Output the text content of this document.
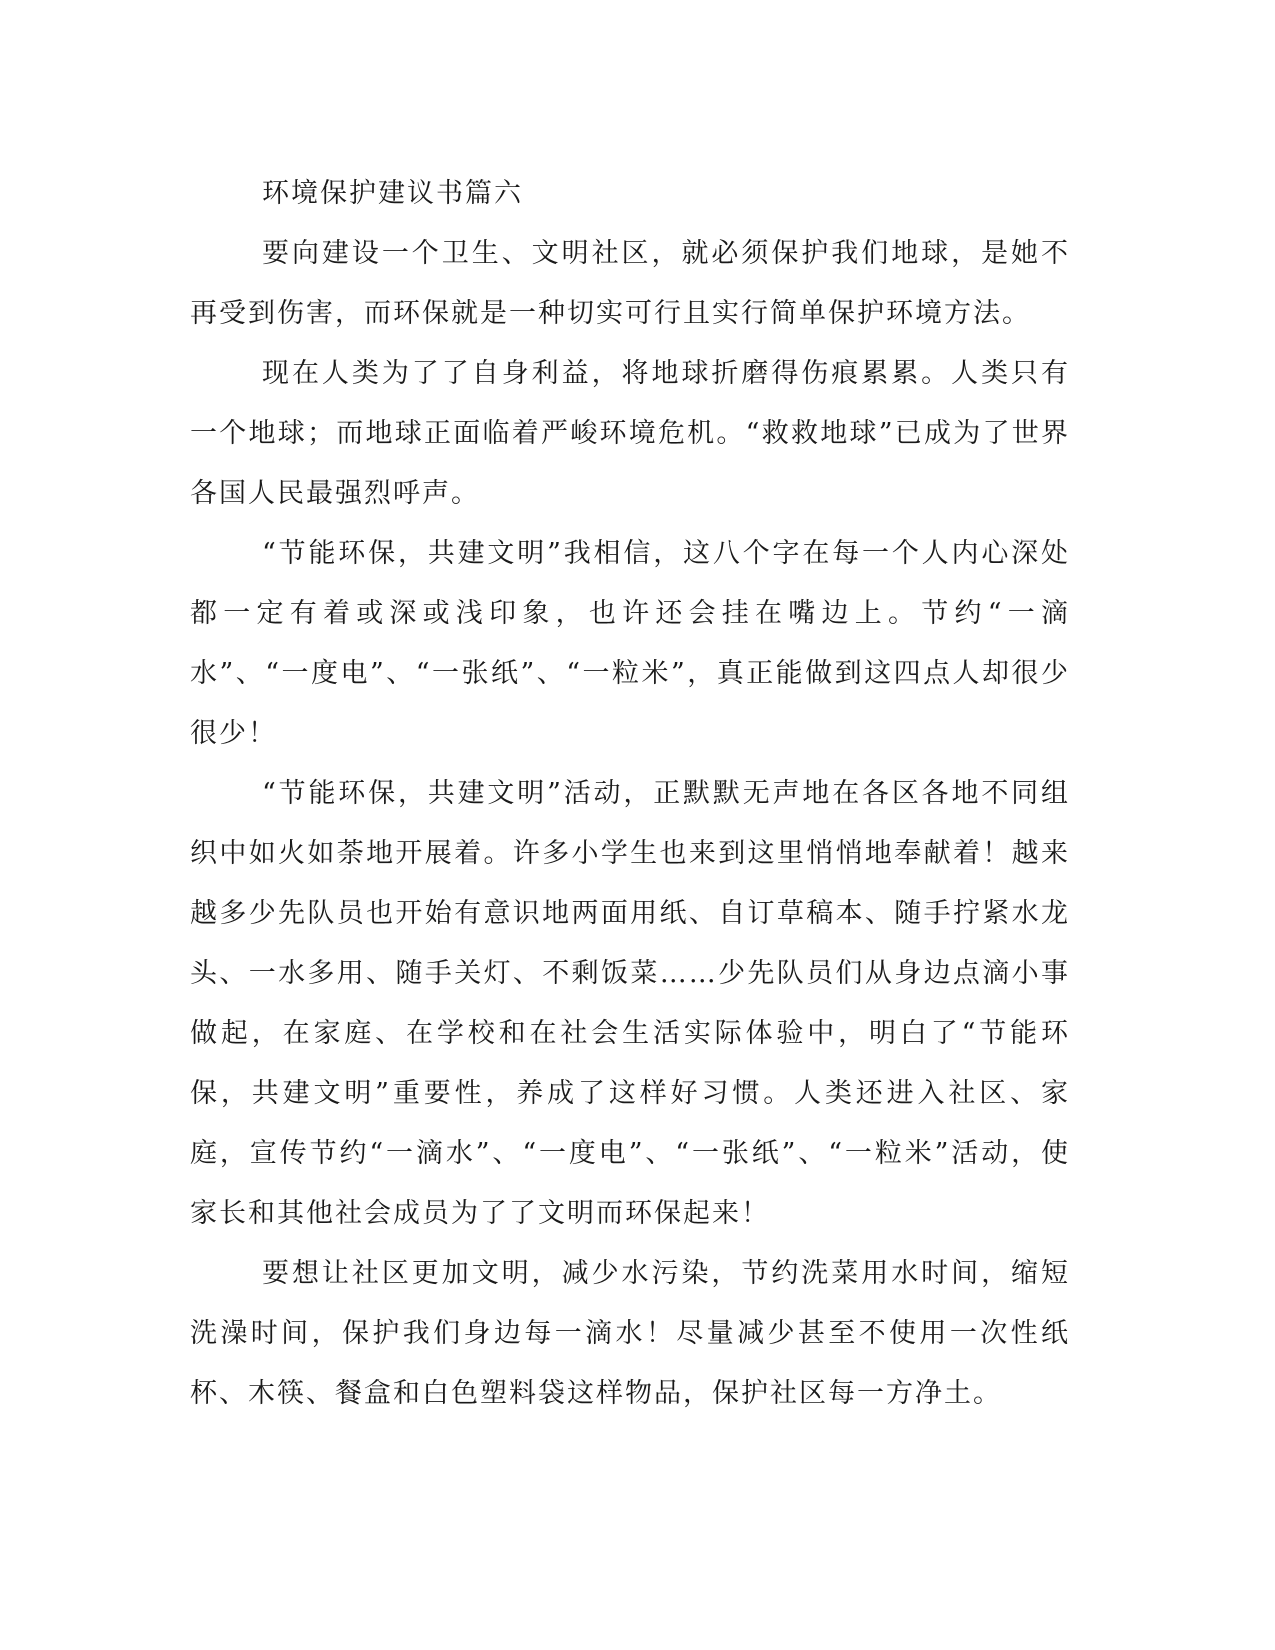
环境保护建议书篇六

要向建设一个卫生、文明社区，就必须保护我们地球，是她不再受到伤害，而环保就是一种切实可行且实行简单保护环境方法。

现在人类为了了自身利益，将地球折磨得伤痕累累。人类只有一个地球；而地球正面临着严峻环境危机。“救救地球”已成为了世界各国人民最强烈呼声。

“节能环保，共建文明”我相信，这八个字在每一个人内心深处都一定有着或深或浅印象，也许还会挂在嘴边上。节约“一滴水”、“一度电”、“一张纸”、“一粒米”，真正能做到这四点人却很少很少！

“节能环保，共建文明”活动，正默默无声地在各区各地不同组织中如火如荼地开展着。许多小学生也来到这里悄悄地奉献着！越来越多少先队员也开始有意识地两面用纸、自订草稿本、随手拧紧水龙头、一水多用、随手关灯、不剩饭菜……少先队员们从身边点滴小事做起，在家庭、在学校和在社会生活实际体验中，明白了“节能环保，共建文明”重要性，养成了这样好习惯。人类还进入社区、家庭，宣传节约“一滴水”、“一度电”、“一张纸”、“一粒米”活动，使家长和其他社会成员为了了文明而环保起来！

要想让社区更加文明，减少水污染，节约洗菜用水时间，缩短洗澡时间，保护我们身边每一滴水！尽量减少甚至不使用一次性纸杯、木筷、餐盒和白色塑料袋这样物品，保护社区每一方净土。
